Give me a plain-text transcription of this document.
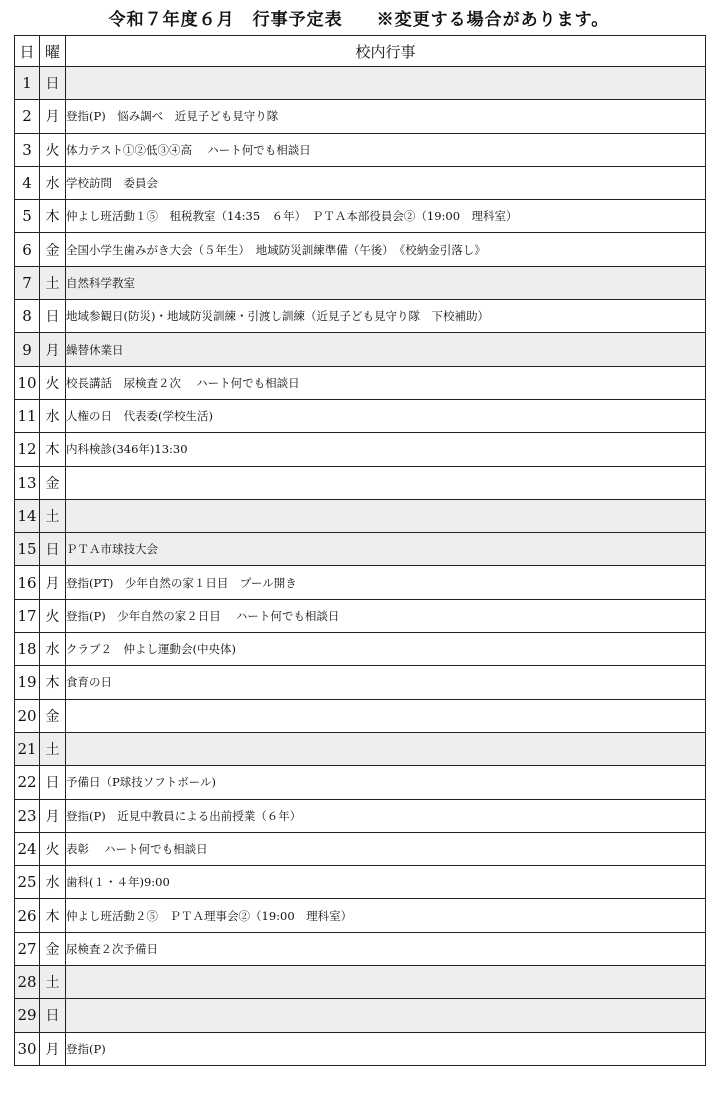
令和７年度６月　行事予定表 ※変更する場合があります。
日	曜	校内行事
1	日	
2	月	登指(P)　悩み調べ　近見子ども見守り隊
3	火	体力テスト①②低③④高　 ハート何でも相談日
4	水	学校訪問　委員会
5	木	仲よし班活動１⑤　租税教室（14:35　６年）　ＰＴＡ本部役員会②（19:00　理科室）
6	金	全国小学生歯みがき大会（５年生）　地域防災訓練準備（午後）　《校納金引落し》
7	土	自然科学教室
8	日	地域参観日(防災)・地域防災訓練・引渡し訓練（近見子ども見守り隊　下校補助）
9	月	繰替休業日
10	火	校長講話　尿検査２次　 ハート何でも相談日
11	水	人権の日　代表委(学校生活)
12	木	内科検診(346年)13:30
13	金	
14	土	
15	日	ＰＴＡ市球技大会
16	月	登指(PT)　少年自然の家１日目　プール開き
17	火	登指(P)　少年自然の家２日目　 ハート何でも相談日
18	水	クラブ２　仲よし運動会(中央体)
19	木	食育の日
20	金	
21	土	
22	日	予備日（P球技ソフトボール)
23	月	登指(P)　近見中教員による出前授業（６年）
24	火	表彰　 ハート何でも相談日
25	水	歯科(１・４年)9:00
26	木	仲よし班活動２⑤　ＰＴＡ理事会②（19:00　理科室）
27	金	尿検査２次予備日
28	土	
29	日	
30	月	登指(P)
